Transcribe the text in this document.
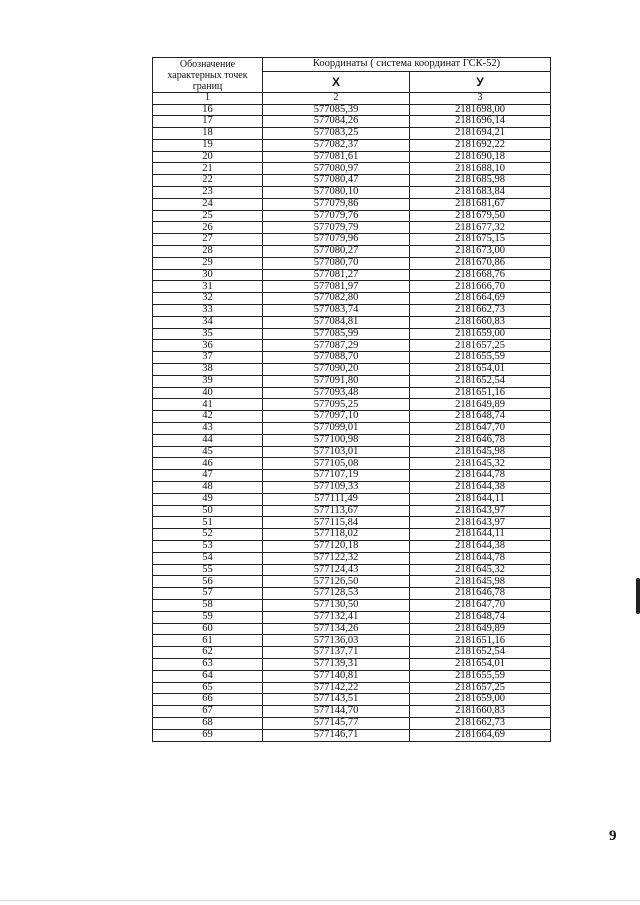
Обозначение характерных точек границ	Координаты ( система координат ГСК-52)	
	X	У
1	2	3
16	577085,39	2181698,00
17	577084,26	2181696,14
18	577083,25	2181694,21
19	577082,37	2181692,22
20	577081,61	2181690,18
21	577080,97	2181688,10
22	577080,47	2181685,98
23	577080,10	2181683,84
24	577079,86	2181681,67
25	577079,76	2181679,50
26	577079,79	2181677,32
27	577079,96	2181675,15
28	577080,27	2181673,00
29	577080,70	2181670,86
30	577081,27	2181668,76
31	577081,97	2181666,70
32	577082,80	2181664,69
33	577083,74	2181662,73
34	577084,81	2181660,83
35	577085,99	2181659,00
36	577087,29	2181657,25
37	577088,70	2181655,59
38	577090,20	2181654,01
39	577091,80	2181652,54
40	577093,48	2181651,16
41	577095,25	2181649,89
42	577097,10	2181648,74
43	577099,01	2181647,70
44	577100,98	2181646,78
45	577103,01	2181645,98
46	577105,08	2181645,32
47	577107,19	2181644,78
48	577109,33	2181644,38
49	577111,49	2181644,11
50	577113,67	2181643,97
51	577115,84	2181643,97
52	577118,02	2181644,11
53	577120,18	2181644,38
54	577122,32	2181644,78
55	577124,43	2181645,32
56	577126,50	2181645,98
57	577128,53	2181646,78
58	577130,50	2181647,70
59	577132,41	2181648,74
60	577134,26	2181649,89
61	577136,03	2181651,16
62	577137,71	2181652,54
63	577139,31	2181654,01
64	577140,81	2181655,59
65	577142,22	2181657,25
66	577143,51	2181659,00
67	577144,70	2181660,83
68	577145,77	2181662,73
69	577146,71	2181664,69
9
